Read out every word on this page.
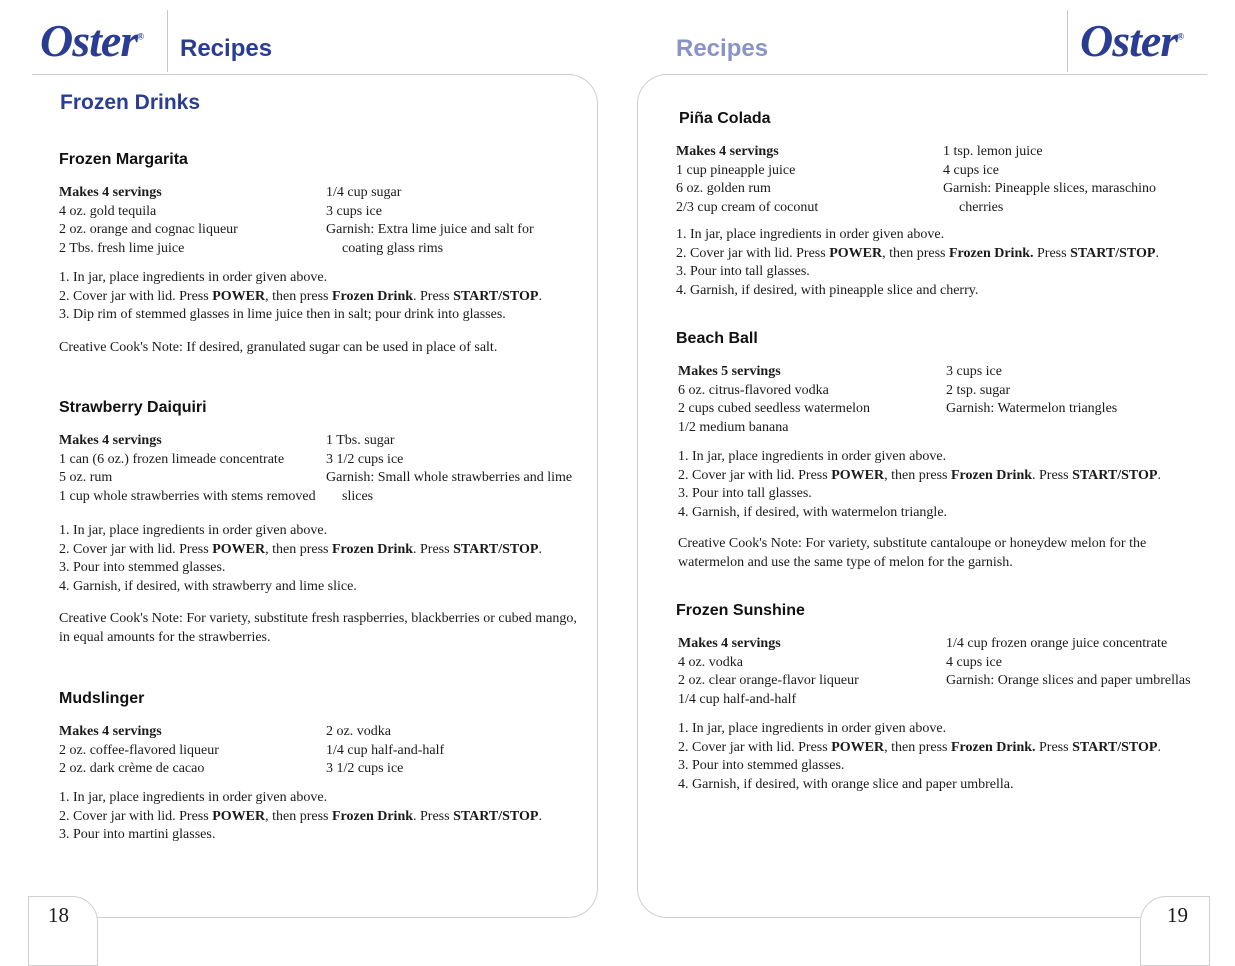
Oster® Recipes
18
Frozen Drinks
Frozen Margarita
Makes 4 servings
4 oz. gold tequila
2 oz. orange and cognac liqueur
2 Tbs. fresh lime juice
1/4 cup sugar
3 cups ice
Garnish: Extra lime juice and salt for coating glass rims
1. In jar, place ingredients in order given above.
2. Cover jar with lid. Press POWER, then press Frozen Drink. Press START/STOP.
3. Dip rim of stemmed glasses in lime juice then in salt; pour drink into glasses.
Creative Cook's Note: If desired, granulated sugar can be used in place of salt.
Strawberry Daiquiri
Makes 4 servings
1 can (6 oz.) frozen limeade concentrate
5 oz. rum
1 cup whole strawberries with stems removed
1 Tbs. sugar
3 1/2 cups ice
Garnish: Small whole strawberries and lime slices
1. In jar, place ingredients in order given above.
2. Cover jar with lid. Press POWER, then press Frozen Drink. Press START/STOP.
3. Pour into stemmed glasses.
4. Garnish, if desired, with strawberry and lime slice.
Creative Cook's Note: For variety, substitute fresh raspberries, blackberries or cubed mango, in equal amounts for the strawberries.
Mudslinger
Makes 4 servings
2 oz. coffee-flavored liqueur
2 oz. dark crème de cacao
2 oz. vodka
1/4 cup half-and-half
3 1/2 cups ice
1. In jar, place ingredients in order given above.
2. Cover jar with lid. Press POWER, then press Frozen Drink. Press START/STOP.
3. Pour into martini glasses.
Recipes	Oster®
19
Piña Colada
Makes 4 servings
1 cup pineapple juice
6 oz. golden rum
2/3 cup cream of coconut
1 tsp. lemon juice
4 cups ice
Garnish: Pineapple slices, maraschino cherries
1. In jar, place ingredients in order given above.
2. Cover jar with lid. Press POWER, then press Frozen Drink. Press START/STOP.
3. Pour into tall glasses.
4. Garnish, if desired, with pineapple slice and cherry.
Beach Ball
Makes 5 servings
6 oz. citrus-flavored vodka
2 cups cubed seedless watermelon
1/2 medium banana
3 cups ice
2 tsp. sugar
Garnish: Watermelon triangles
1. In jar, place ingredients in order given above.
2. Cover jar with lid. Press POWER, then press Frozen Drink. Press START/STOP.
3. Pour into tall glasses.
4. Garnish, if desired, with watermelon triangle.
Creative Cook's Note: For variety, substitute cantaloupe or honeydew melon for the watermelon and use the same type of melon for the garnish.
Frozen Sunshine
Makes 4 servings
4 oz. vodka
2 oz. clear orange-flavor liqueur
1/4 cup half-and-half
1/4 cup frozen orange juice concentrate
4 cups ice
Garnish: Orange slices and paper umbrellas
1. In jar, place ingredients in order given above.
2. Cover jar with lid. Press POWER, then press Frozen Drink. Press START/STOP.
3. Pour into stemmed glasses.
4. Garnish, if desired, with orange slice and paper umbrella.
